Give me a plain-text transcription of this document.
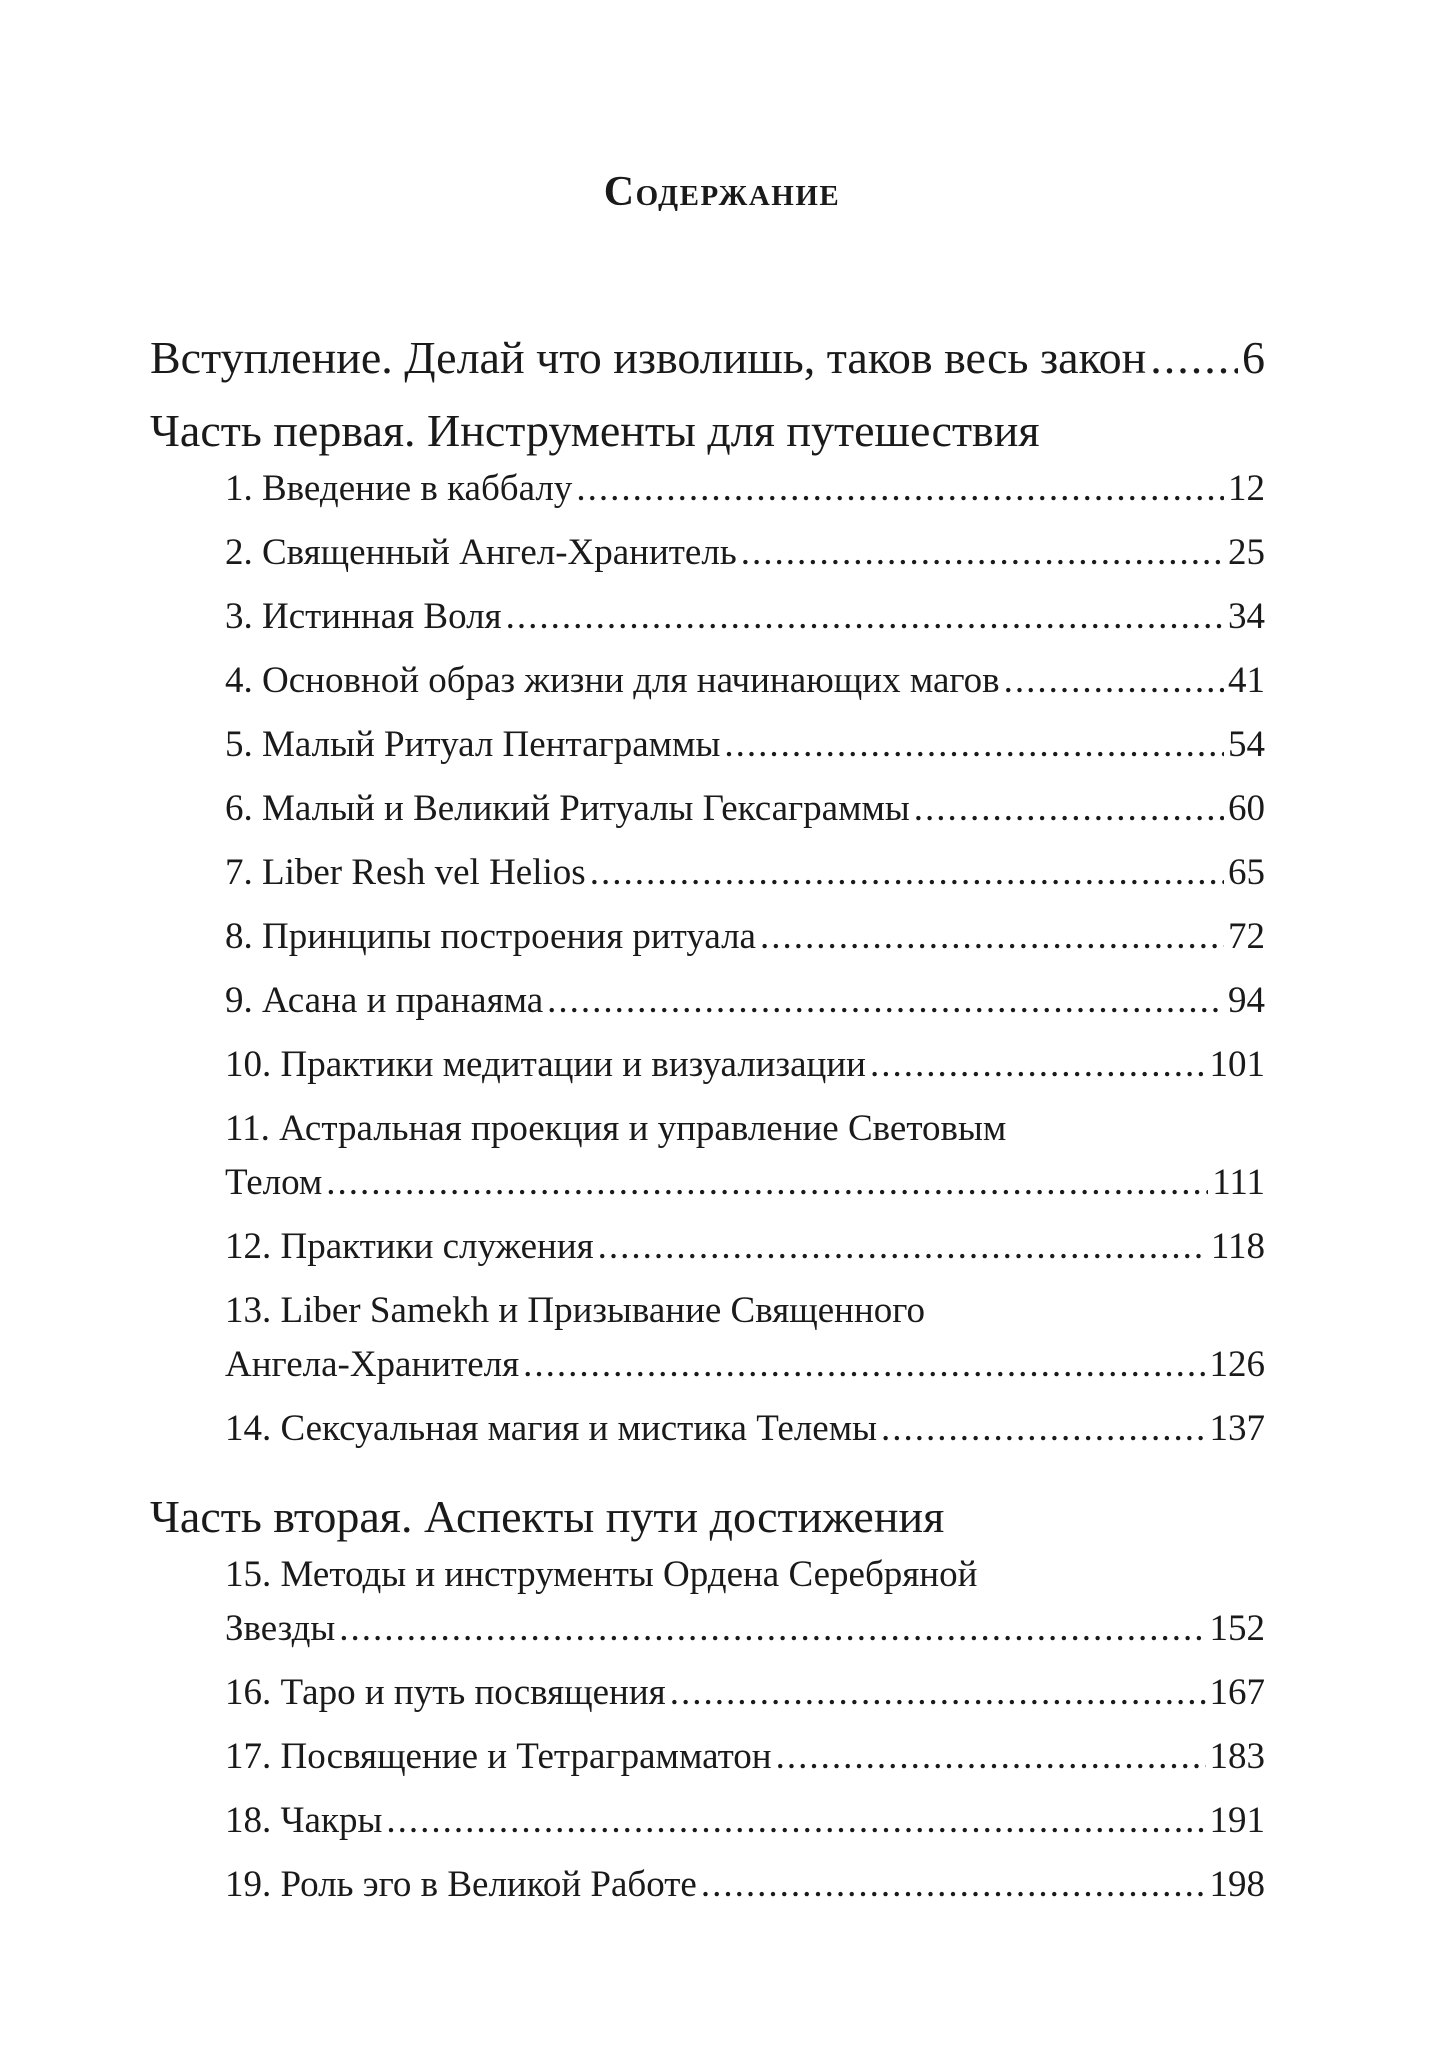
Содержание
Вступление. Делай что изволишь, таков весь закон ..... 6
Часть первая. Инструменты для путешествия
1. Введение в каббалу .....	12
2. Священный Ангел-Хранитель .....	25
3. Истинная Воля .....	34
4. Основной образ жизни для начинающих магов .....	41
5. Малый Ритуал Пентаграммы .....	54
6. Малый и Великий Ритуалы Гексаграммы .....	60
7. Liber Resh vel Helios .....	65
8. Принципы построения ритуала .....	72
9. Асана и пранаяма .....	94
10. Практики медитации и визуализации .....	101
11. Астральная проекция и управление Световым
Телом .....	111
12. Практики служения .....	118
13. Liber Samekh и Призывание Священного
Ангела-Хранителя .....	126
14. Сексуальная магия и мистика Телемы .....	137
Часть вторая. Аспекты пути достижения
15. Методы и инструменты Ордена Серебряной
Звезды .....	152
16. Таро и путь посвящения .....	167
17. Посвящение и Тетраграмматон .....	183
18. Чакры .....	191
19. Роль эго в Великой Работе .....	198
